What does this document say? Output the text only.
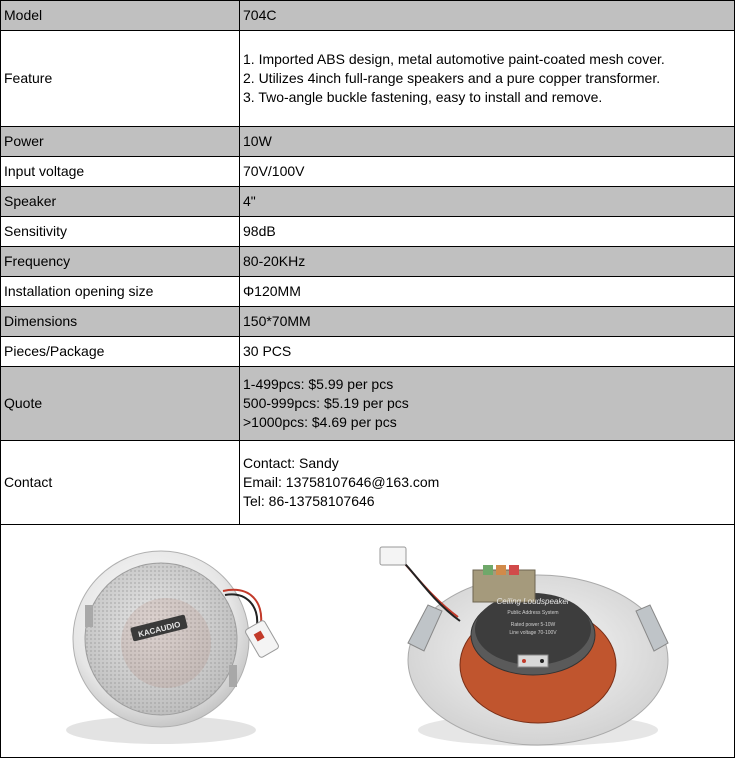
Model	704C

Feature	1. Imported ABS design, metal automotive paint-coated mesh cover.
2. Utilizes 4inch full-range speakers and a pure copper transformer.
3. Two-angle buckle fastening, easy to install and remove.

Power	10W

Input voltage	70V/100V

Speaker	4"

Sensitivity	98dB

Frequency	80-20KHz

Installation opening size	Φ120MM

Dimensions	150*70MM

Pieces/Package	30 PCS

Quote	1-499pcs: $5.99 per pcs
500-999pcs: $5.19 per pcs
>1000pcs: $4.69 per pcs

Contact	Contact: Sandy
Email: 13758107646@163.com
Tel: 86-13758107646

KACAUDIO
Ceiling Loudspeaker
Public Address System
Rated power 5-10W
Line voltage 70-100V	
